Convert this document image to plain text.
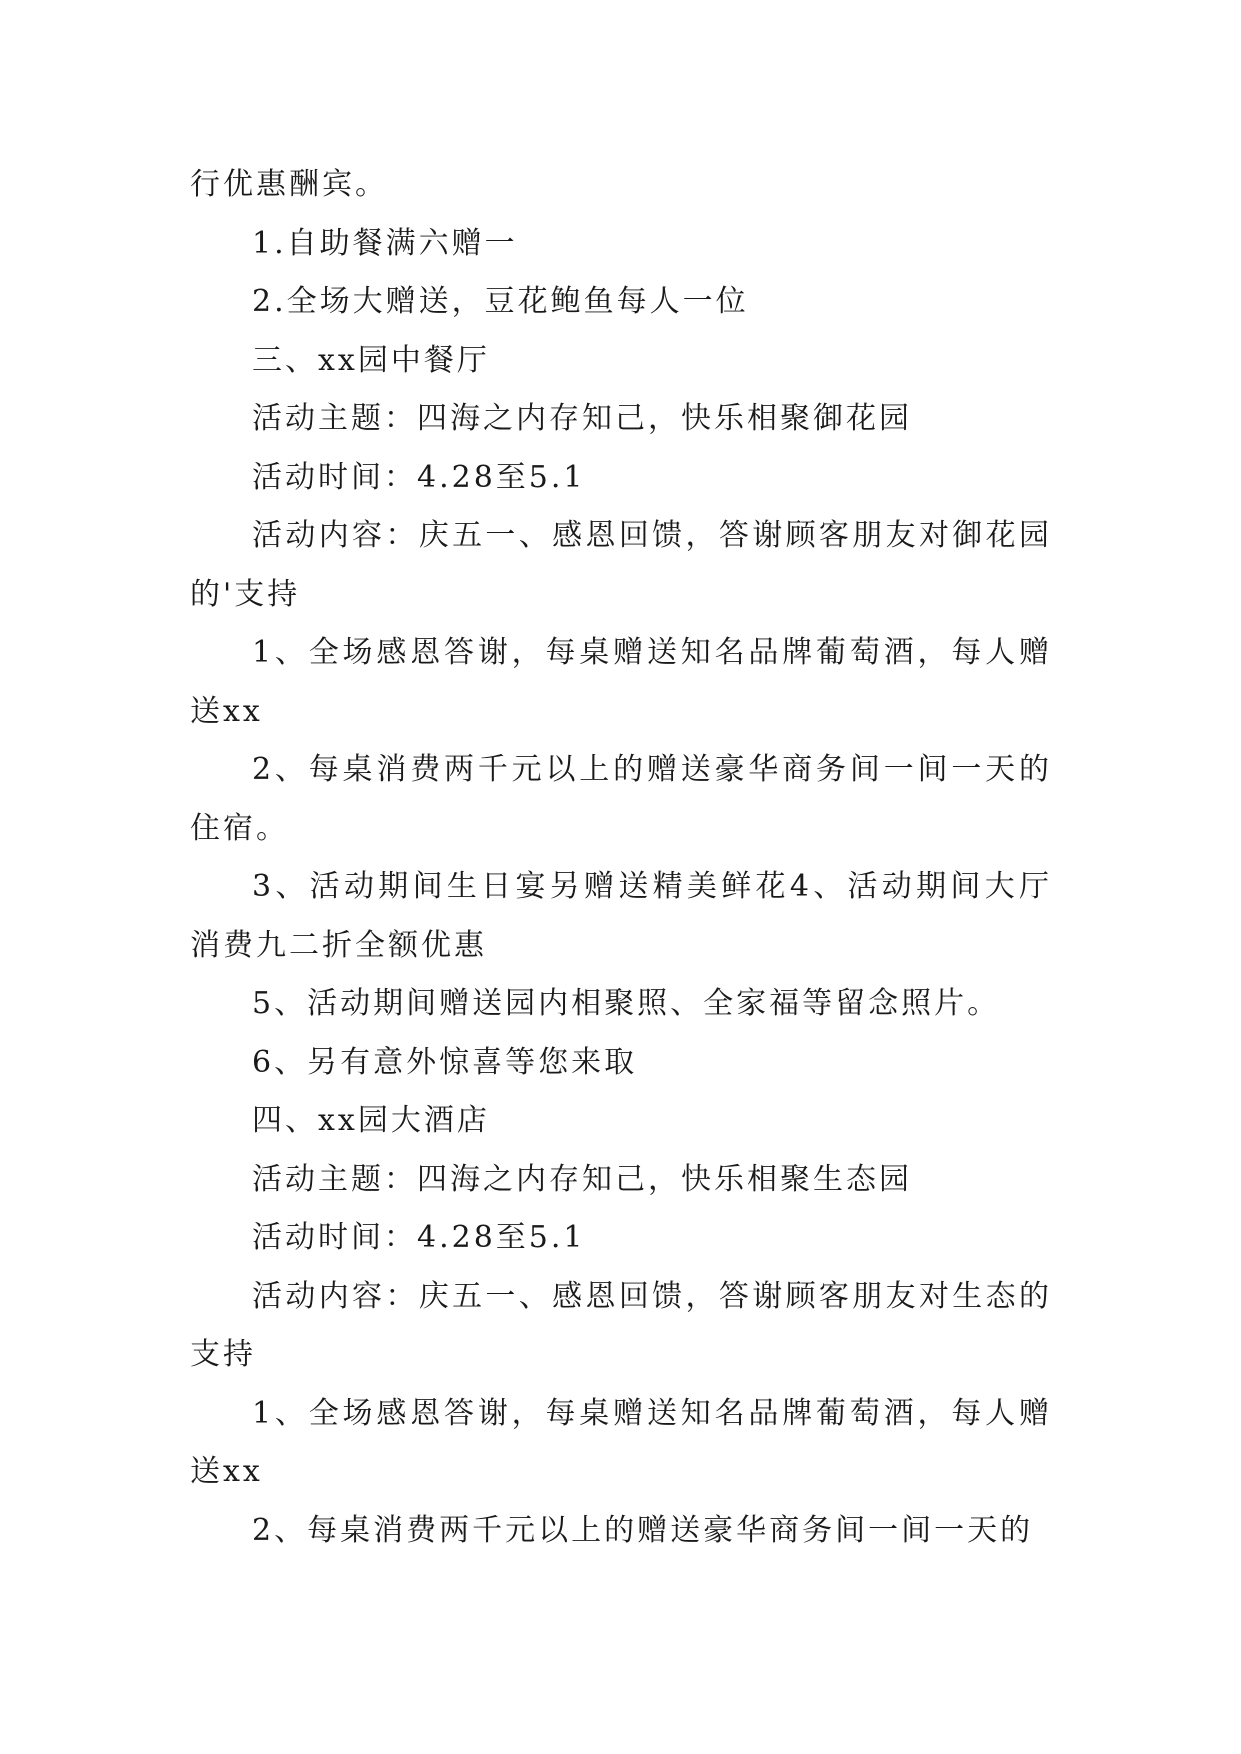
行优惠酬宾。

1.自助餐满六赠一

2.全场大赠送，豆花鲍鱼每人一位

三、xx园中餐厅

活动主题：四海之内存知己，快乐相聚御花园

活动时间：4.28至5.1

活动内容：庆五一、感恩回馈，答谢顾客朋友对御花园的'支持

1、全场感恩答谢，每桌赠送知名品牌葡萄酒，每人赠送xx

2、每桌消费两千元以上的赠送豪华商务间一间一天的住宿。

3、活动期间生日宴另赠送精美鲜花4、活动期间大厅消费九二折全额优惠

5、活动期间赠送园内相聚照、全家福等留念照片。

6、另有意外惊喜等您来取

四、xx园大酒店

活动主题：四海之内存知己，快乐相聚生态园

活动时间：4.28至5.1

活动内容：庆五一、感恩回馈，答谢顾客朋友对生态的支持

1、全场感恩答谢，每桌赠送知名品牌葡萄酒，每人赠送xx

2、每桌消费两千元以上的赠送豪华商务间一间一天的
